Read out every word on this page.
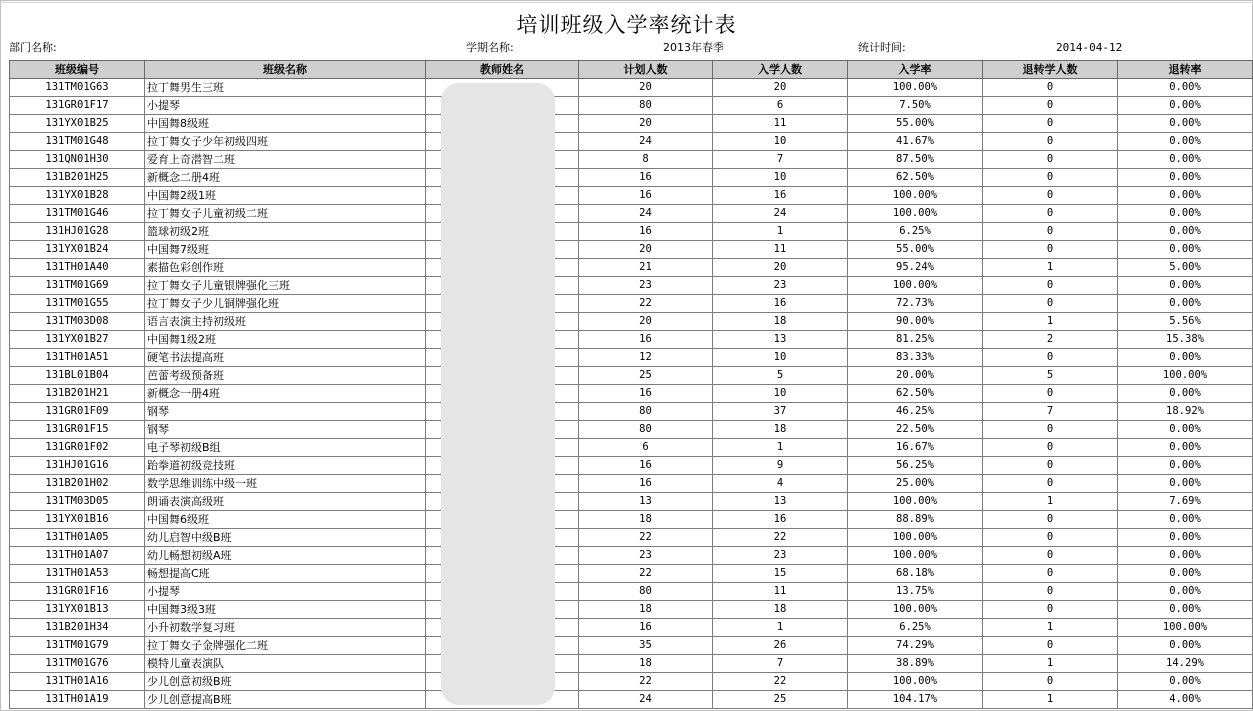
培训班级入学率统计表
部门名称:	学期名称:	2013年春季	统计时间:	2014-04-12
班级编号	班级名称	教师姓名	计划人数	入学人数	入学率	退转学人数	退转率
131TM01G63	拉丁舞男生三班		20	20	100.00%	0	0.00%
131GR01F17	小提琴		80	6	7.50%	0	0.00%
131YX01B25	中国舞8级班		20	11	55.00%	0	0.00%
131TM01G48	拉丁舞女子少年初级四班		24	10	41.67%	0	0.00%
131QN01H30	爱育上奇潜智二班		8	7	87.50%	0	0.00%
131B201H25	新概念二册4班		16	10	62.50%	0	0.00%
131YX01B28	中国舞2级1班		16	16	100.00%	0	0.00%
131TM01G46	拉丁舞女子儿童初级二班		24	24	100.00%	0	0.00%
131HJ01G28	篮球初级2班		16	1	6.25%	0	0.00%
131YX01B24	中国舞7级班		20	11	55.00%	0	0.00%
131TH01A40	素描色彩创作班		21	20	95.24%	1	5.00%
131TM01G69	拉丁舞女子儿童银牌强化三班		23	23	100.00%	0	0.00%
131TM01G55	拉丁舞女子少儿铜牌强化班		22	16	72.73%	0	0.00%
131TM03D08	语言表演主持初级班		20	18	90.00%	1	5.56%
131YX01B27	中国舞1级2班		16	13	81.25%	2	15.38%
131TH01A51	硬笔书法提高班		12	10	83.33%	0	0.00%
131BL01B04	芭蕾考级预备班		25	5	20.00%	5	100.00%
131B201H21	新概念一册4班		16	10	62.50%	0	0.00%
131GR01F09	钢琴		80	37	46.25%	7	18.92%
131GR01F15	钢琴		80	18	22.50%	0	0.00%
131GR01F02	电子琴初级B组		6	1	16.67%	0	0.00%
131HJ01G16	跆拳道初级竞技班		16	9	56.25%	0	0.00%
131B201H02	数学思维训练中级一班		16	4	25.00%	0	0.00%
131TM03D05	朗诵表演高级班		13	13	100.00%	1	7.69%
131YX01B16	中国舞6级班		18	16	88.89%	0	0.00%
131TH01A05	幼儿启智中级B班		22	22	100.00%	0	0.00%
131TH01A07	幼儿畅想初级A班		23	23	100.00%	0	0.00%
131TH01A53	畅想提高C班		22	15	68.18%	0	0.00%
131GR01F16	小提琴		80	11	13.75%	0	0.00%
131YX01B13	中国舞3级3班		18	18	100.00%	0	0.00%
131B201H34	小升初数学复习班		16	1	6.25%	1	100.00%
131TM01G79	拉丁舞女子金牌强化二班		35	26	74.29%	0	0.00%
131TM01G76	模特儿童表演队		18	7	38.89%	1	14.29%
131TH01A16	少儿创意初级B班		22	22	100.00%	0	0.00%
131TH01A19	少儿创意提高B班		24	25	104.17%	1	4.00%
